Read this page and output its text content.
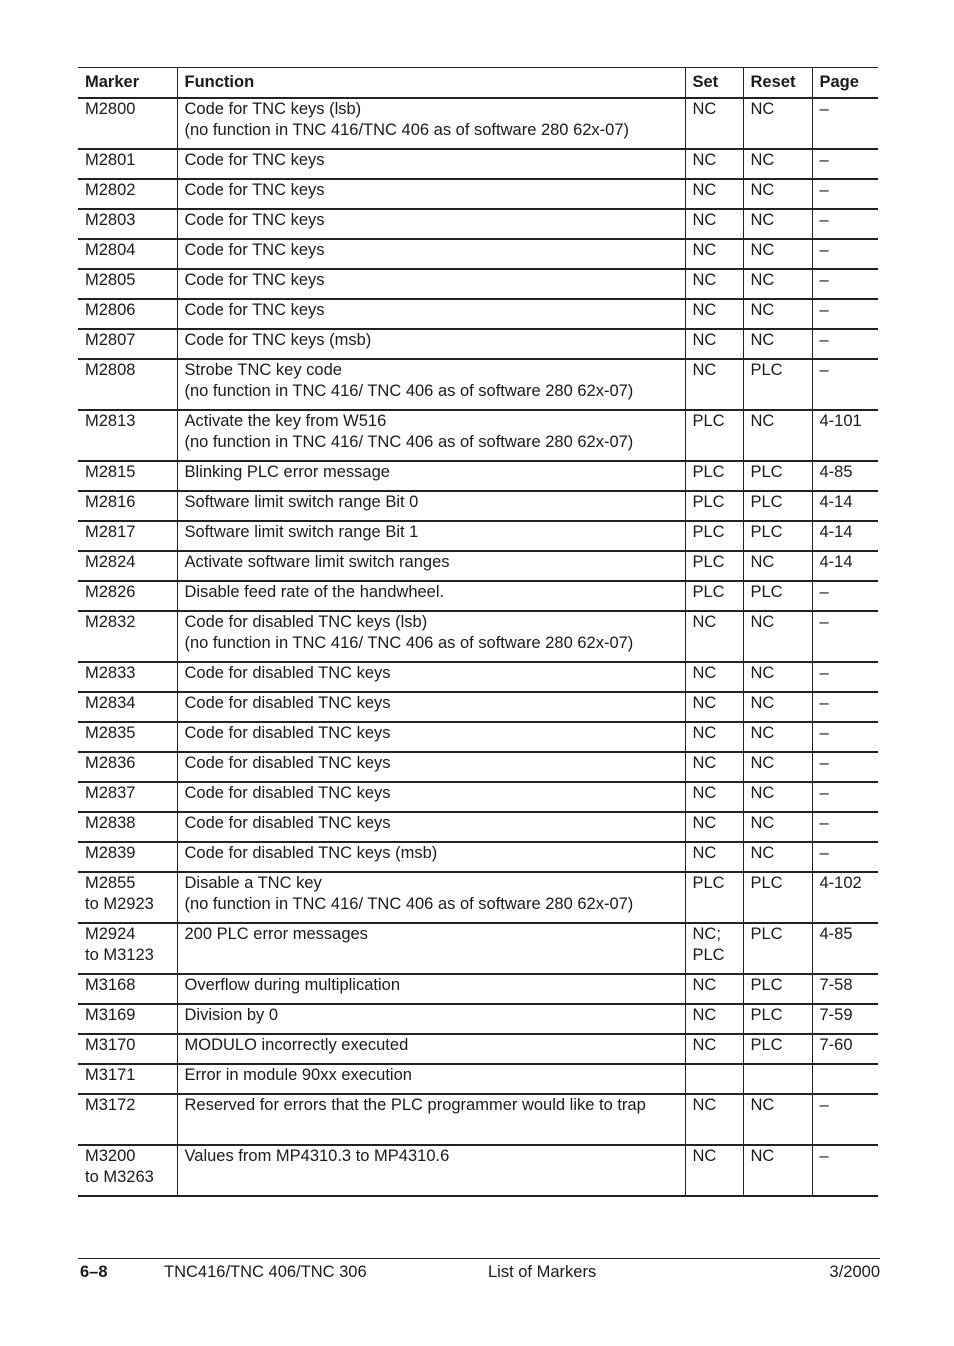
Marker	Function	Set	Reset	Page

M2800	Code for TNC keys (lsb)
(no function in TNC 416/TNC 406 as of software 280 62x-07)	NC	NC	–

M2801	Code for TNC keys	NC	NC	–

M2802	Code for TNC keys	NC	NC	–

M2803	Code for TNC keys	NC	NC	–

M2804	Code for TNC keys	NC	NC	–

M2805	Code for TNC keys	NC	NC	–

M2806	Code for TNC keys	NC	NC	–

M2807	Code for TNC keys (msb)	NC	NC	–

M2808	Strobe TNC key code
(no function in TNC 416/ TNC 406 as of software 280 62x-07)	NC	PLC	–

M2813	Activate the key from W516
(no function in TNC 416/ TNC 406 as of software 280 62x-07)	PLC	NC	4-101

M2815	Blinking PLC error message	PLC	PLC	4-85

M2816	Software limit switch range Bit 0	PLC	PLC	4-14

M2817	Software limit switch range Bit 1	PLC	PLC	4-14

M2824	Activate software limit switch ranges	PLC	NC	4-14

M2826	Disable feed rate of the handwheel.	PLC	PLC	–

M2832	Code for disabled TNC keys (lsb)
(no function in TNC 416/ TNC 406 as of software 280 62x-07)	NC	NC	–

M2833	Code for disabled TNC keys	NC	NC	–

M2834	Code for disabled TNC keys	NC	NC	–

M2835	Code for disabled TNC keys	NC	NC	–

M2836	Code for disabled TNC keys	NC	NC	–

M2837	Code for disabled TNC keys	NC	NC	–

M2838	Code for disabled TNC keys	NC	NC	–

M2839	Code for disabled TNC keys (msb)	NC	NC	–

M2855
to M2923	Disable a TNC key
(no function in TNC 416/ TNC 406 as of software 280 62x-07)	PLC	PLC	4-102

M2924
to M3123	200 PLC error messages	NC;
PLC	PLC	4-85

M3168	Overflow during multiplication	NC	PLC	7-58

M3169	Division by 0	NC	PLC	7-59

M3170	MODULO incorrectly executed	NC	PLC	7-60

M3171	Error in module 90xx execution			

M3172	Reserved for errors that the PLC programmer would like to trap	NC	NC	–

M3200
to M3263	Values from MP4310.3 to MP4310.6	NC	NC	–
6–8	TNC416/TNC 406/TNC 306	List of Markers	3/2000
